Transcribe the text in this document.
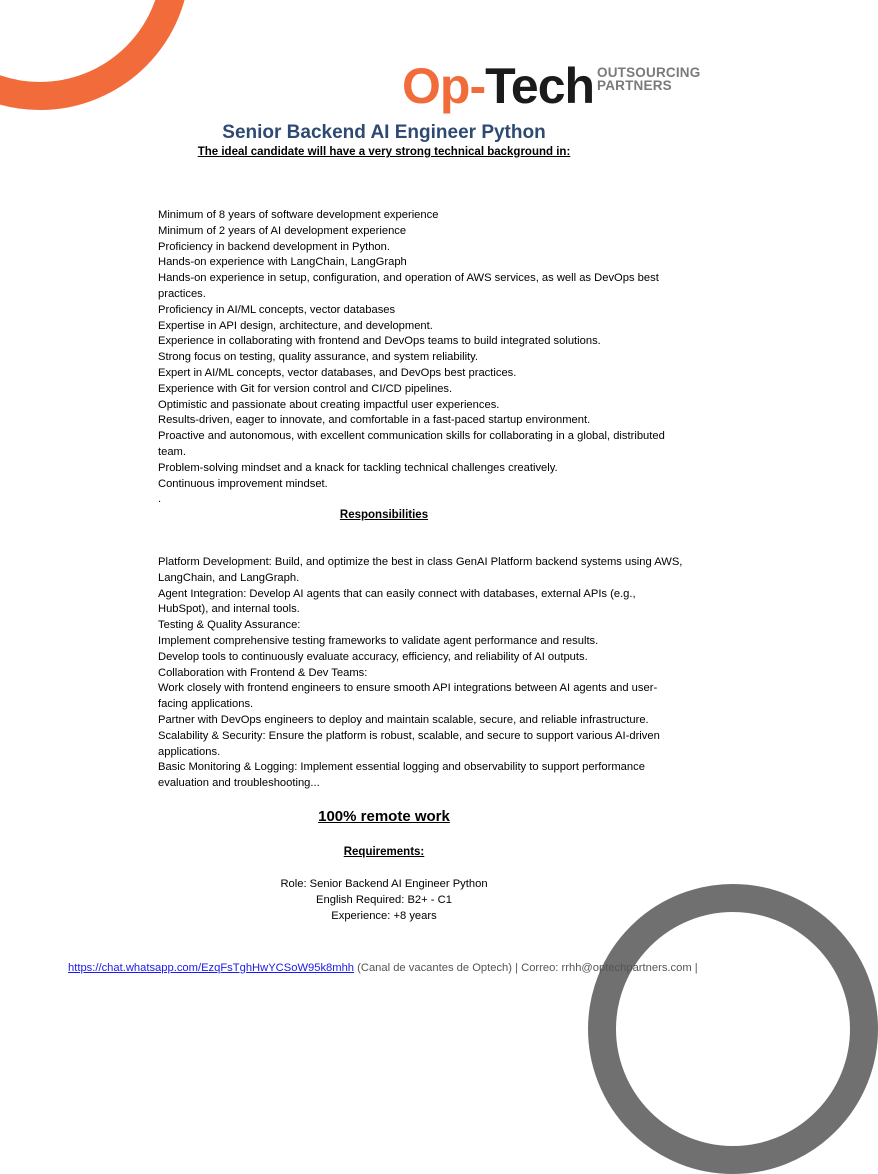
Op-Tech OUTSOURCING
PARTNERS
Senior Backend AI Engineer Python
The ideal candidate will have a very strong technical background in:
Minimum of 8 years of software development experience
Minimum of 2 years of AI development experience
Proficiency in backend development in Python.
Hands-on experience with LangChain, LangGraph
Hands-on experience in setup, configuration, and operation of AWS services, as well as DevOps best
practices.
Proficiency in AI/ML concepts, vector databases
Expertise in API design, architecture, and development.
Experience in collaborating with frontend and DevOps teams to build integrated solutions.
Strong focus on testing, quality assurance, and system reliability.
Expert in AI/ML concepts, vector databases, and DevOps best practices.
Experience with Git for version control and CI/CD pipelines.
Optimistic and passionate about creating impactful user experiences.
Results-driven, eager to innovate, and comfortable in a fast-paced startup environment.
Proactive and autonomous, with excellent communication skills for collaborating in a global, distributed
team.
Problem-solving mindset and a knack for tackling technical challenges creatively.
Continuous improvement mindset.
.
Responsibilities
Platform Development: Build, and optimize the best in class GenAI Platform backend systems using AWS,
LangChain, and LangGraph.
Agent Integration: Develop AI agents that can easily connect with databases, external APIs (e.g.,
HubSpot), and internal tools.
Testing & Quality Assurance:
Implement comprehensive testing frameworks to validate agent performance and results.
Develop tools to continuously evaluate accuracy, efficiency, and reliability of AI outputs.
Collaboration with Frontend & Dev Teams:
Work closely with frontend engineers to ensure smooth API integrations between AI agents and user-
facing applications.
Partner with DevOps engineers to deploy and maintain scalable, secure, and reliable infrastructure.
Scalability & Security: Ensure the platform is robust, scalable, and secure to support various AI-driven
applications.
Basic Monitoring & Logging: Implement essential logging and observability to support performance
evaluation and troubleshooting...
100% remote work
Requirements:
Role: Senior Backend AI Engineer Python
English Required: B2+ - C1
Experience: +8 years
https://chat.whatsapp.com/EzqFsTghHwYCSoW95k8mhh (Canal de vacantes de Optech) | Correo: rrhh@optechpartners.com |
